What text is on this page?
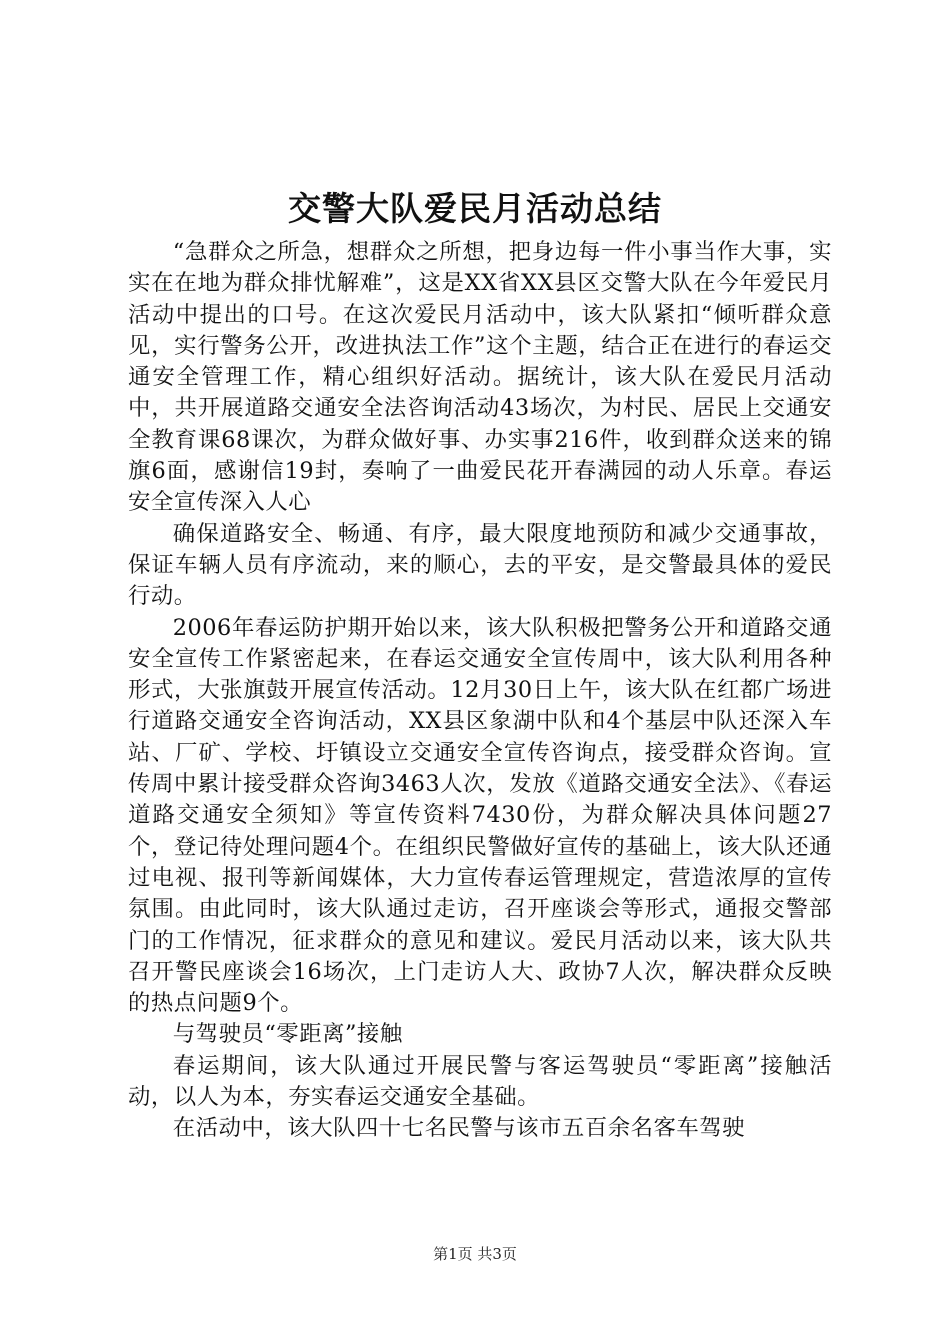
交警大队爱民月活动总结

“急群众之所急，想群众之所想，把身边每一件小事当作大事，实实在在地为群众排忧解难”，这是XX省XX县区交警大队在今年爱民月活动中提出的口号。在这次爱民月活动中，该大队紧扣“倾听群众意见，实行警务公开，改进执法工作”这个主题，结合正在进行的春运交通安全管理工作，精心组织好活动。据统计，该大队在爱民月活动中，共开展道路交通安全法咨询活动43场次，为村民、居民上交通安全教育课68课次，为群众做好事、办实事216件，收到群众送来的锦旗6面，感谢信19封，奏响了一曲爱民花开春满园的动人乐章。春运安全宣传深入人心

确保道路安全、畅通、有序，最大限度地预防和减少交通事故，保证车辆人员有序流动，来的顺心，去的平安，是交警最具体的爱民行动。

2006年春运防护期开始以来，该大队积极把警务公开和道路交通安全宣传工作紧密起来，在春运交通安全宣传周中，该大队利用各种形式，大张旗鼓开展宣传活动。12月30日上午，该大队在红都广场进行道路交通安全咨询活动，XX县区象湖中队和4个基层中队还深入车站、厂矿、学校、圩镇设立交通安全宣传咨询点，接受群众咨询。宣传周中累计接受群众咨询3463人次，发放《道路交通安全法》、《春运道路交通安全须知》等宣传资料7430份，为群众解决具体问题27个，登记待处理问题4个。在组织民警做好宣传的基础上，该大队还通过电视、报刊等新闻媒体，大力宣传春运管理规定，营造浓厚的宣传氛围。由此同时，该大队通过走访，召开座谈会等形式，通报交警部门的工作情况，征求群众的意见和建议。爱民月活动以来，该大队共召开警民座谈会16场次，上门走访人大、政协7人次，解决群众反映的热点问题9个。

与驾驶员“零距离”接触

春运期间，该大队通过开展民警与客运驾驶员“零距离”接触活动，以人为本，夯实春运交通安全基础。

在活动中，该大队四十七名民警与该市五百余名客车驾驶

第1页 共3页
